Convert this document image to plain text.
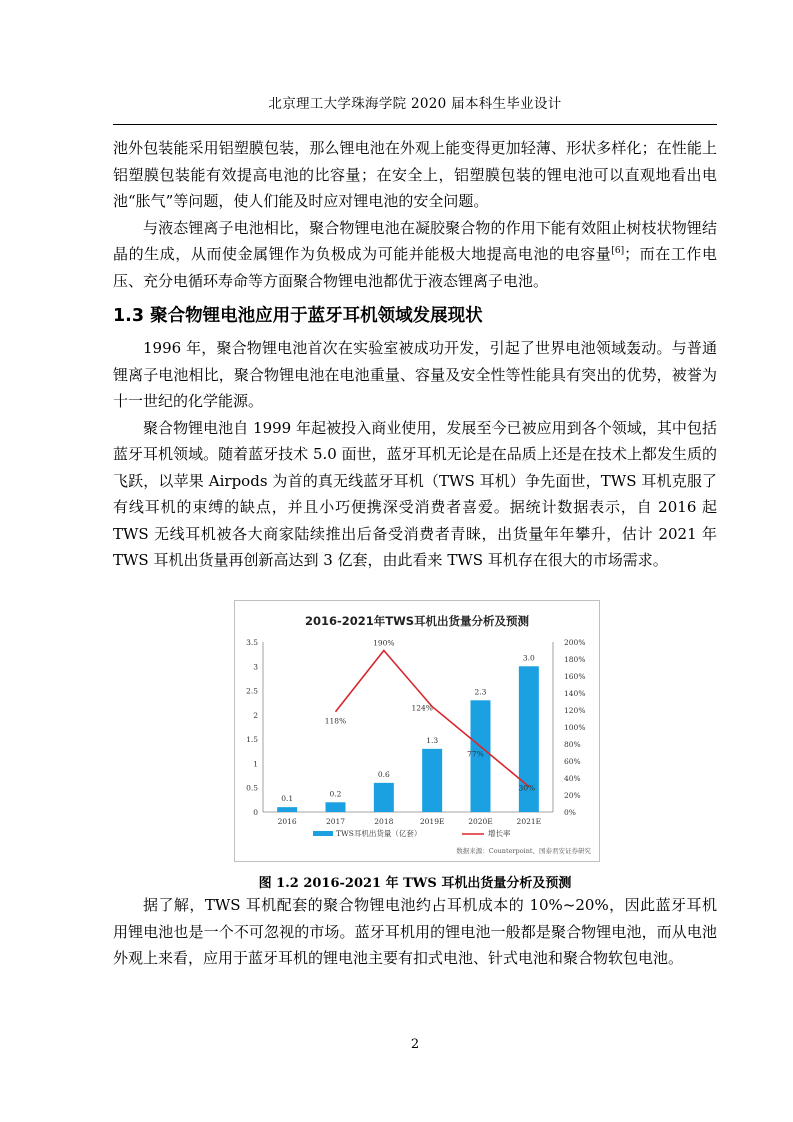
北京理工大学珠海学院 2020 届本科生毕业设计

池外包装能采用铝塑膜包装，那么锂电池在外观上能变得更加轻薄、形状多样化；在性能上铝塑膜包装能有效提高电池的比容量；在安全上，铝塑膜包装的锂电池可以直观地看出电池“胀气”等问题，使人们能及时应对锂电池的安全问题。

与液态锂离子电池相比，聚合物锂电池在凝胶聚合物的作用下能有效阻止树枝状物锂结晶的生成，从而使金属锂作为负极成为可能并能极大地提高电池的电容量[6]；而在工作电压、充分电循环寿命等方面聚合物锂电池都优于液态锂离子电池。

1.3 聚合物锂电池应用于蓝牙耳机领域发展现状

1996 年，聚合物锂电池首次在实验室被成功开发，引起了世界电池领域轰动。与普通锂离子电池相比，聚合物锂电池在电池重量、容量及安全性等性能具有突出的优势，被誉为十一世纪的化学能源。

聚合物锂电池自 1999 年起被投入商业使用，发展至今已被应用到各个领域，其中包括蓝牙耳机领域。随着蓝牙技术 5.0 面世，蓝牙耳机无论是在品质上还是在技术上都发生质的飞跃，以苹果 Airpods 为首的真无线蓝牙耳机（TWS 耳机）争先面世，TWS 耳机克服了有线耳机的束缚的缺点，并且小巧便携深受消费者喜爱。据统计数据表示，自 2016 起 TWS 无线耳机被各大商家陆续推出后备受消费者青睐，出货量年年攀升，估计 2021 年 TWS 耳机出货量再创新高达到 3 亿套，由此看来 TWS 耳机存在很大的市场需求。

2016-2021年TWS耳机出货量分析及预测
0
0.5
1
1.5
2
2.5
3
3.5
0%
20%
40%
60%
80%
100%
120%
140%
160%
180%
200%
0.1
0.2
0.6
1.3
2.3
3.0
2016	2017	2018	2019E	2020E	2021E
118%
190%
124%
77%
30%
TWS耳机出货量（亿套）	增长率
数据来源：Counterpoint、国泰君安证券研究

图 1.2 2016-2021 年 TWS 耳机出货量分析及预测

据了解，TWS 耳机配套的聚合物锂电池约占耳机成本的 10%~20%，因此蓝牙耳机用锂电池也是一个不可忽视的市场。蓝牙耳机用的锂电池一般都是聚合物锂电池，而从电池外观上来看，应用于蓝牙耳机的锂电池主要有扣式电池、针式电池和聚合物软包电池。

2
